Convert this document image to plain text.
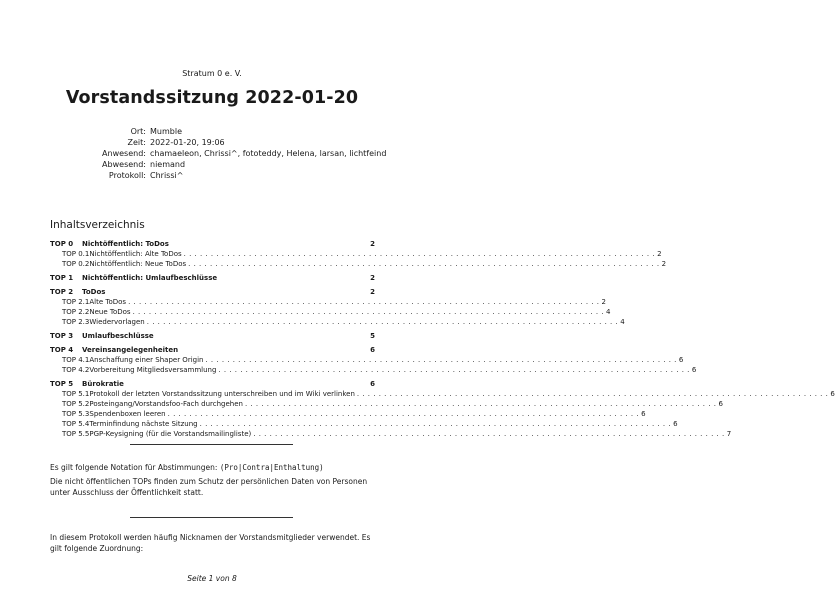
Stratum 0 e. V.
Vorstandssitzung 2022-01-20
Ort: Mumble
Zeit: 2022-01-20, 19:06
Anwesend: chamaeleon, Chrissi^, fototeddy, Helena, larsan, lichtfeind
Abwesend: niemand
Protokoll: Chrissi^
Inhaltsverzeichnis
TOP 0	Nichtöffentlich: ToDos	2
TOP 0.1 Nichtöffentlich: Alte ToDos . . .	2
TOP 0.2 Nichtöffentlich: Neue ToDos . . .	2
TOP 1	Nichtöffentlich: Umlaufbeschlüsse	2
TOP 2	ToDos	2
TOP 2.1 Alte ToDos . . .	2
TOP 2.2 Neue ToDos . . .	4
TOP 2.3 Wiedervorlagen . . .	4
TOP 3	Umlaufbeschlüsse	5
TOP 4	Vereinsangelegenheiten	6
TOP 4.1 Anschaffung einer Shaper Origin . . .	6
TOP 4.2 Vorbereitung Mitgliedsversammlung . . .	6
TOP 5	Bürokratie	6
TOP 5.1 Protokoll der letzten Vorstandssitzung unterschreiben und im Wiki verlinken . . .	6
TOP 5.2 Posteingang/Vorstandsfoo-Fach durchgehen . . .	6
TOP 5.3 Spendenboxen leeren . . .	6
TOP 5.4 Terminfindung nächste Sitzung . . .	6
TOP 5.5 PGP-Keysigning (für die Vorstandsmailingliste) . . .	7
Es gilt folgende Notation für Abstimmungen: (Pro|Contra|Enthaltung)
Die nicht öffentlichen TOPs finden zum Schutz der persönlichen Daten von Personen unter Ausschluss der Öffentlichkeit statt.
In diesem Protokoll werden häufig Nicknamen der Vorstandsmitglieder verwendet. Es gilt folgende Zuordnung:
Seite 1 von 8
